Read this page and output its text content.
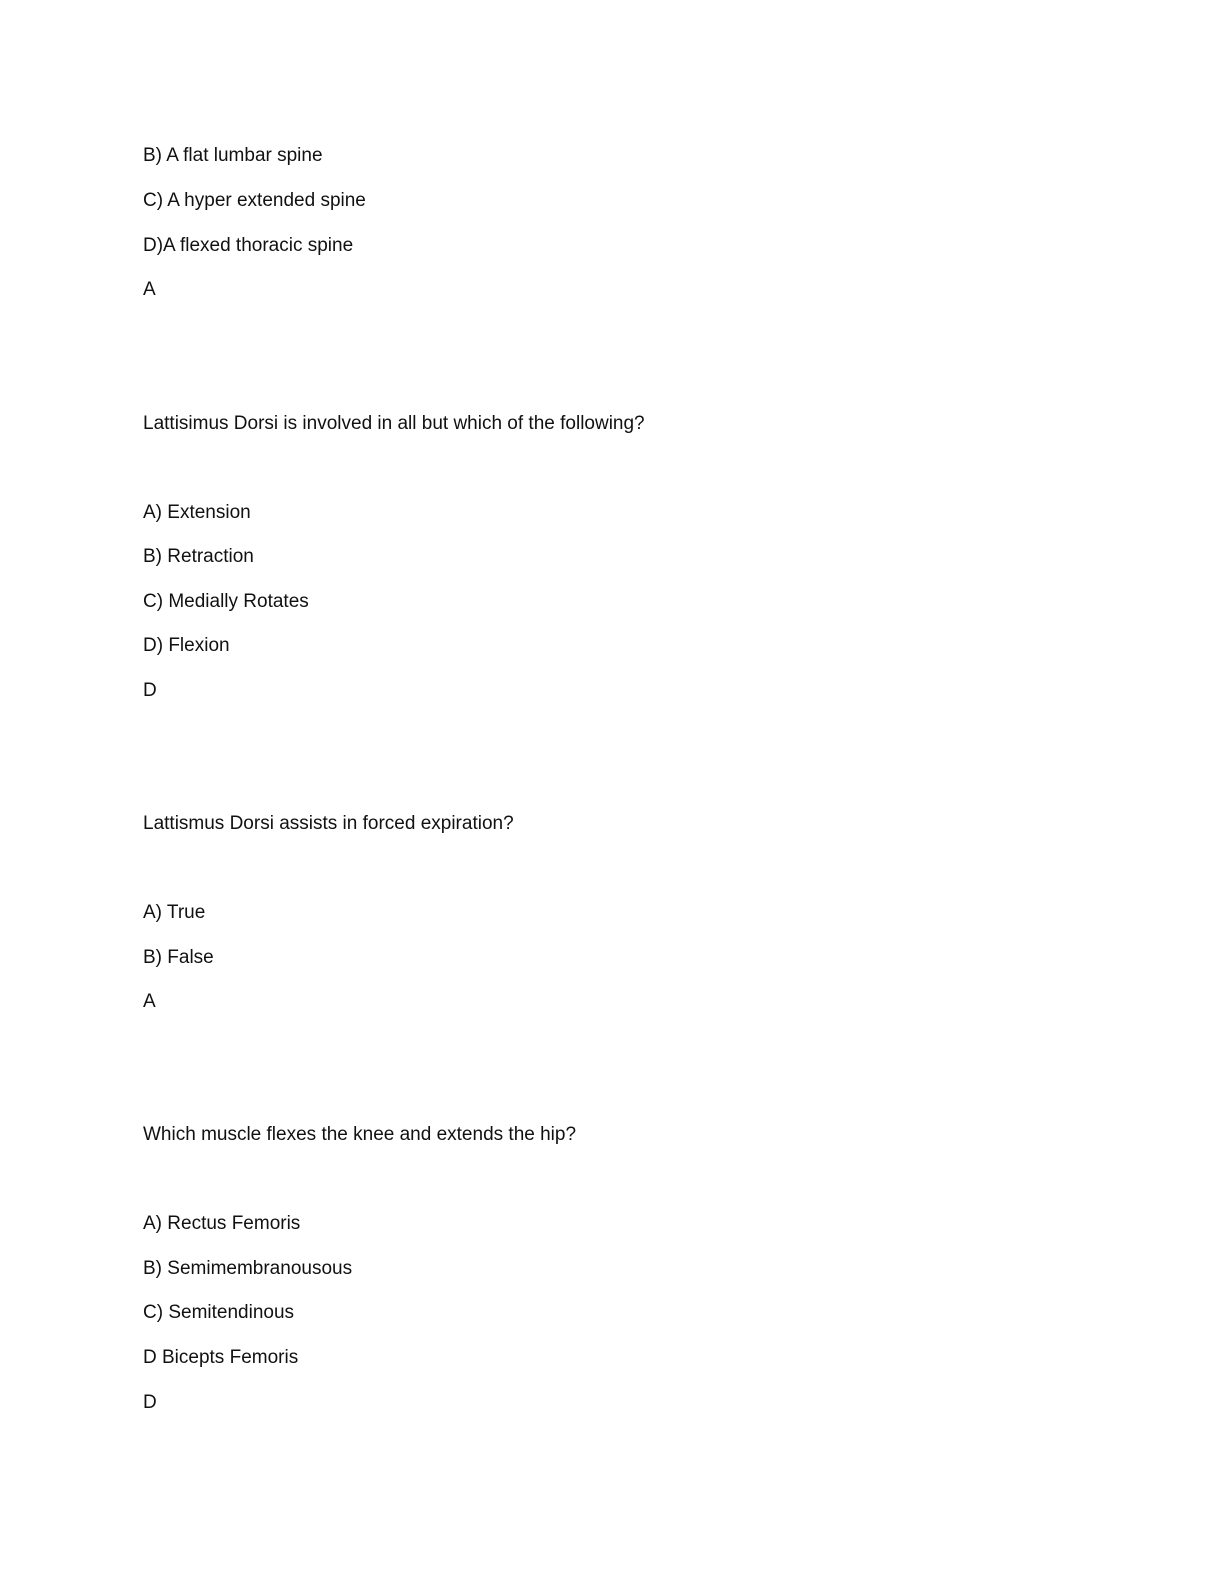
B) A flat lumbar spine
C) A hyper extended spine
D)A flexed thoracic spine
A
Lattisimus Dorsi is involved in all but which of the following?
A) Extension
B) Retraction
C) Medially Rotates
D) Flexion
D
Lattismus Dorsi assists in forced expiration?
A) True
B) False
A
Which muscle flexes the knee and extends the hip?
A) Rectus Femoris
B) Semimembranousous
C) Semitendinous
D Bicepts Femoris
D
